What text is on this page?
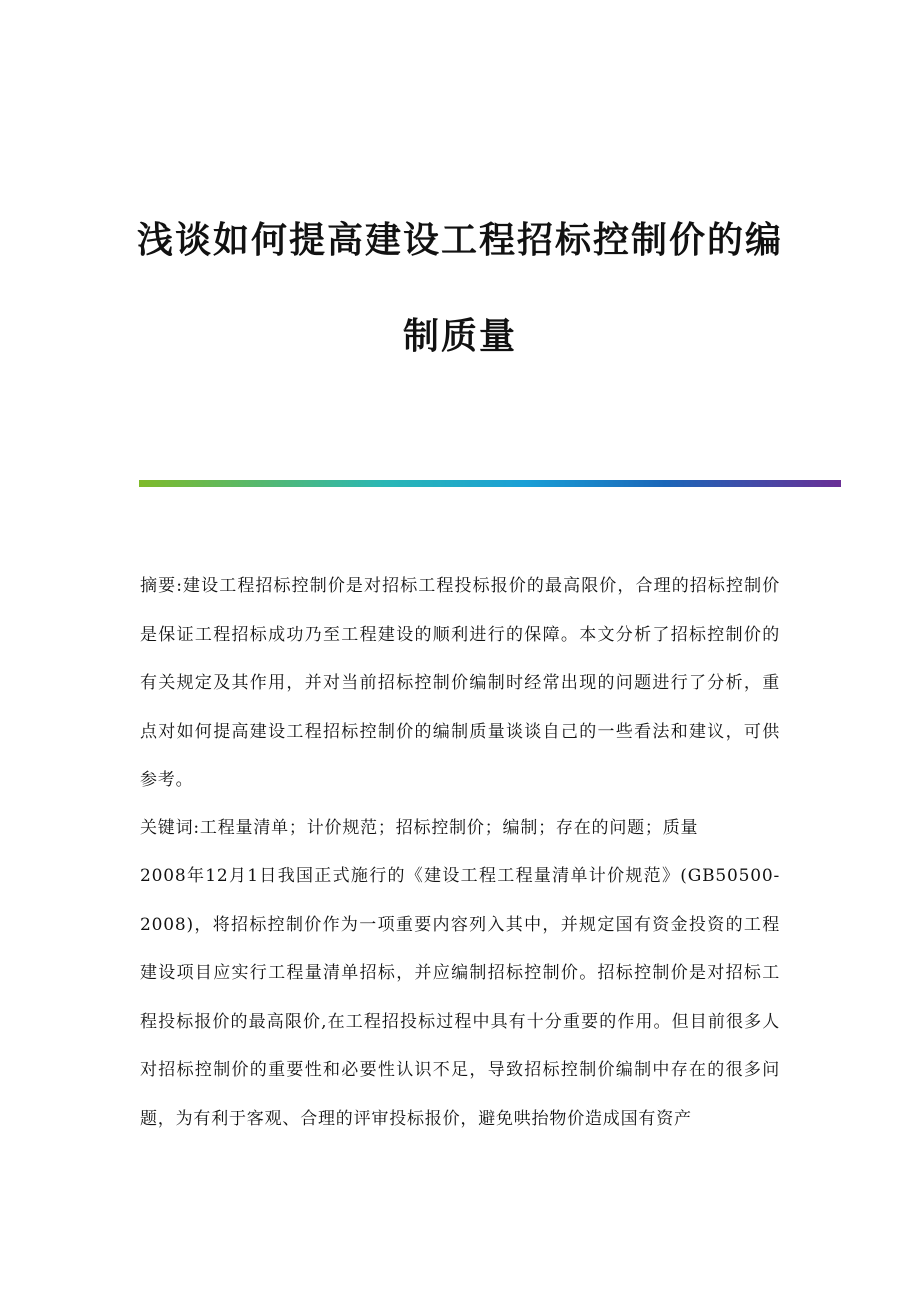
浅谈如何提高建设工程招标控制价的编
制质量

摘要:建设工程招标控制价是对招标工程投标报价的最高限价，合理的招标控制价是保证工程招标成功乃至工程建设的顺利进行的保障。本文分析了招标控制价的有关规定及其作用，并对当前招标控制价编制时经常出现的问题进行了分析，重点对如何提高建设工程招标控制价的编制质量谈谈自己的一些看法和建议，可供参考。

关键词:工程量清单；计价规范；招标控制价；编制；存在的问题；质量

2008年12月1日我国正式施行的《建设工程工程量清单计价规范》(GB50500-2008)，将招标控制价作为一项重要内容列入其中，并规定国有资金投资的工程建设项目应实行工程量清单招标，并应编制招标控制价。招标控制价是对招标工程投标报价的最高限价,在工程招投标过程中具有十分重要的作用。但目前很多人对招标控制价的重要性和必要性认识不足，导致招标控制价编制中存在的很多问题，为有利于客观、合理的评审投标报价，避免哄抬物价造成国有资产
